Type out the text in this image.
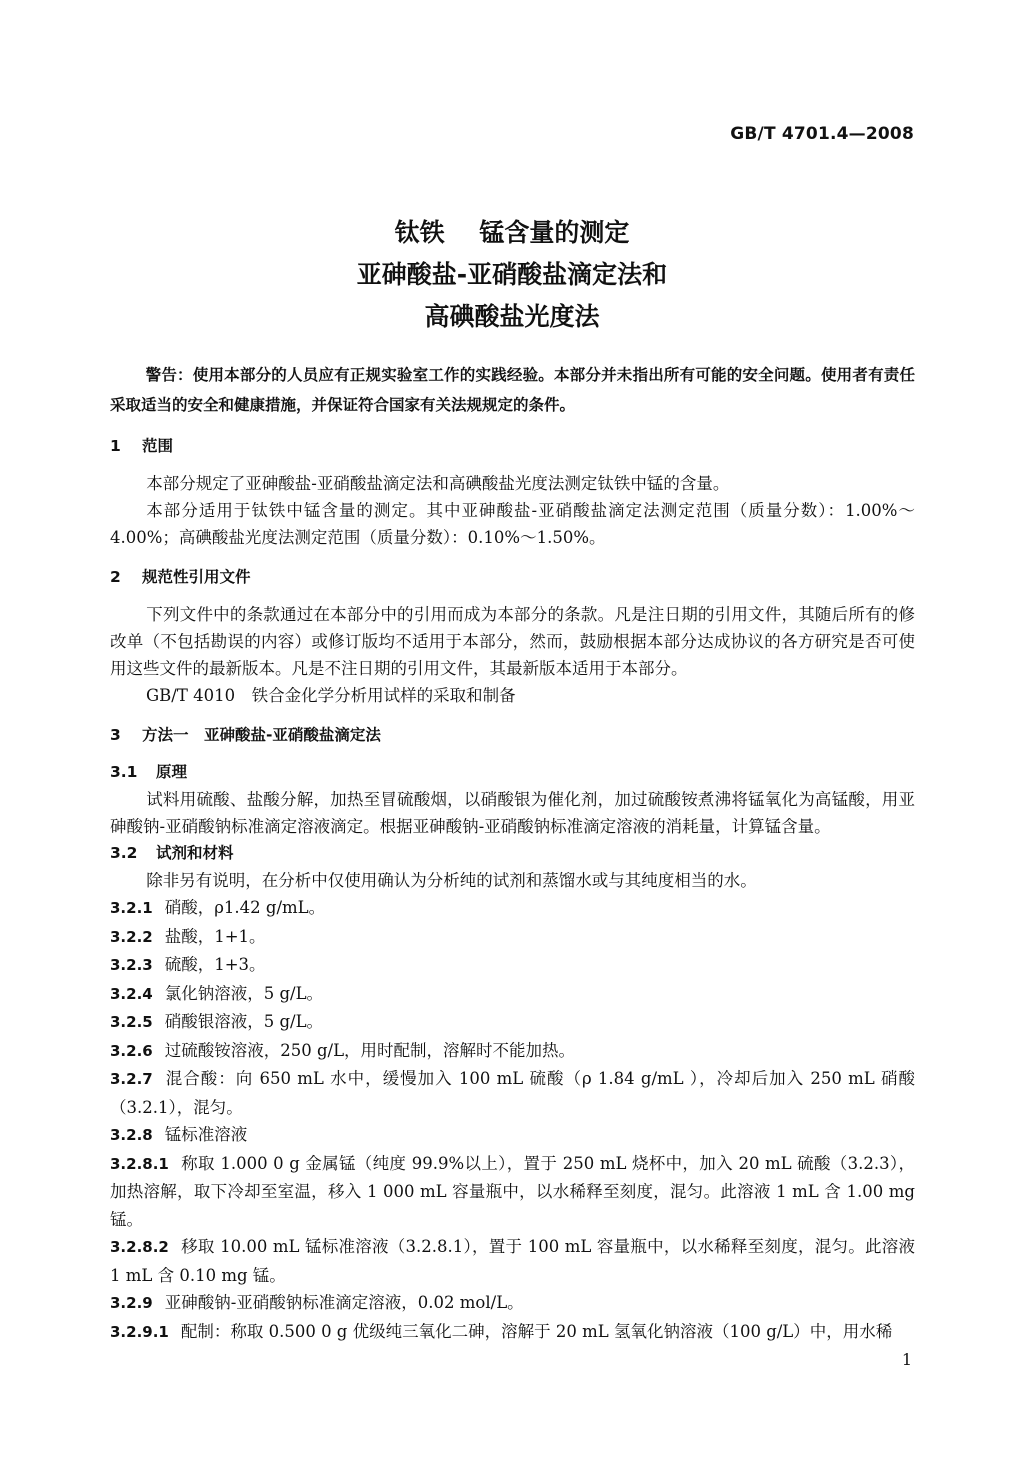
GB/T 4701.4—2008
钛铁    锰含量的测定
亚砷酸盐-亚硝酸盐滴定法和
高碘酸盐光度法

警告：使用本部分的人员应有正规实验室工作的实践经验。本部分并未指出所有可能的安全问题。使用者有责任采取适当的安全和健康措施，并保证符合国家有关法规规定的条件。

1 范围

本部分规定了亚砷酸盐-亚硝酸盐滴定法和高碘酸盐光度法测定钛铁中锰的含量。

本部分适用于钛铁中锰含量的测定。其中亚砷酸盐-亚硝酸盐滴定法测定范围（质量分数）：1.00%～4.00%；高碘酸盐光度法测定范围（质量分数）：0.10%～1.50%。

2 规范性引用文件

下列文件中的条款通过在本部分中的引用而成为本部分的条款。凡是注日期的引用文件，其随后所有的修改单（不包括勘误的内容）或修订版均不适用于本部分，然而，鼓励根据本部分达成协议的各方研究是否可使用这些文件的最新版本。凡是不注日期的引用文件，其最新版本适用于本部分。

GB/T 4010　铁合金化学分析用试样的采取和制备

3 方法一　亚砷酸盐-亚硝酸盐滴定法
3.1 原理

试料用硫酸、盐酸分解，加热至冒硫酸烟，以硝酸银为催化剂，加过硫酸铵煮沸将锰氧化为高锰酸，用亚砷酸钠-亚硝酸钠标准滴定溶液滴定。根据亚砷酸钠-亚硝酸钠标准滴定溶液的消耗量，计算锰含量。

3.2 试剂和材料

除非另有说明，在分析中仅使用确认为分析纯的试剂和蒸馏水或与其纯度相当的水。

3.2.1 硝酸，ρ1.42 g/mL。

3.2.2 盐酸，1+1。

3.2.3 硫酸，1+3。

3.2.4 氯化钠溶液，5 g/L。

3.2.5 硝酸银溶液，5 g/L。

3.2.6 过硫酸铵溶液，250 g/L，用时配制，溶解时不能加热。

3.2.7 混合酸：向 650 mL 水中，缓慢加入 100 mL 硫酸（ρ 1.84 g/mL ），冷却后加入 250 mL 硝酸（3.2.1），混匀。

3.2.8 锰标准溶液

3.2.8.1 称取 1.000 0 g 金属锰（纯度 99.9%以上），置于 250 mL 烧杯中，加入 20 mL 硫酸（3.2.3），加热溶解，取下冷却至室温，移入 1 000 mL 容量瓶中，以水稀释至刻度，混匀。此溶液 1 mL 含 1.00 mg 锰。

3.2.8.2 移取 10.00 mL 锰标准溶液（3.2.8.1），置于 100 mL 容量瓶中，以水稀释至刻度，混匀。此溶液 1 mL 含 0.10 mg 锰。

3.2.9 亚砷酸钠-亚硝酸钠标准滴定溶液，0.02 mol/L。

3.2.9.1 配制：称取 0.500 0 g 优级纯三氧化二砷，溶解于 20 mL 氢氧化钠溶液（100 g/L）中，用水稀

1
